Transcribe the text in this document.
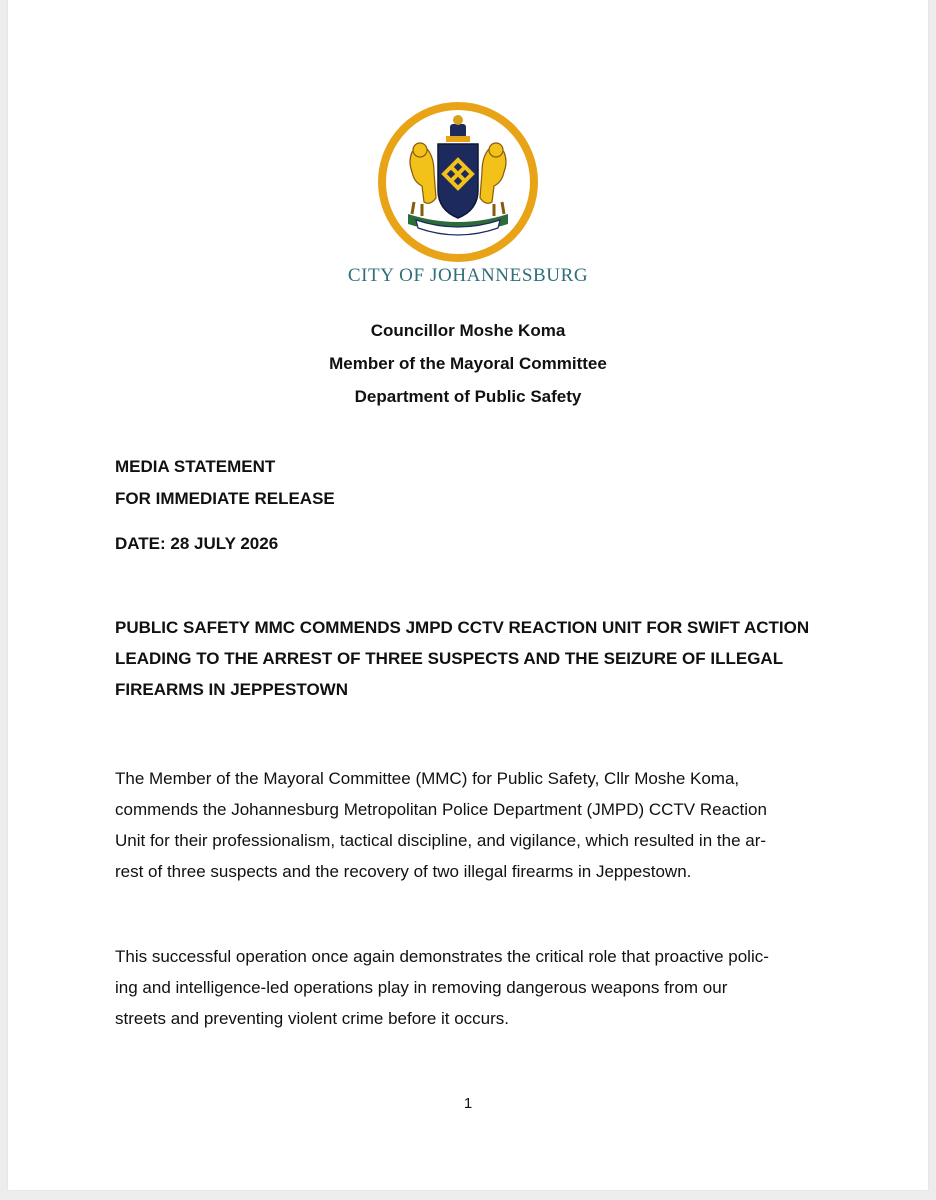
CITY OF JOHANNESBURG
Councillor Moshe Koma
Member of the Mayoral Committee
Department of Public Safety
MEDIA STATEMENT
FOR IMMEDIATE RELEASE
DATE: 28 JULY 2026
PUBLIC SAFETY MMC COMMENDS JMPD CCTV REACTION UNIT FOR SWIFT ACTION LEADING TO THE ARREST OF THREE SUSPECTS AND THE SEIZURE OF ILLEGAL FIREARMS IN JEPPESTOWN
The Member of the Mayoral Committee (MMC) for Public Safety, Cllr Moshe Koma,
commends the Johannesburg Metropolitan Police Department (JMPD) CCTV Reaction
Unit for their professionalism, tactical discipline, and vigilance, which resulted in the ar-
rest of three suspects and the recovery of two illegal firearms in Jeppestown.
This successful operation once again demonstrates the critical role that proactive polic-
ing and intelligence-led operations play in removing dangerous weapons from our
streets and preventing violent crime before it occurs.
1
